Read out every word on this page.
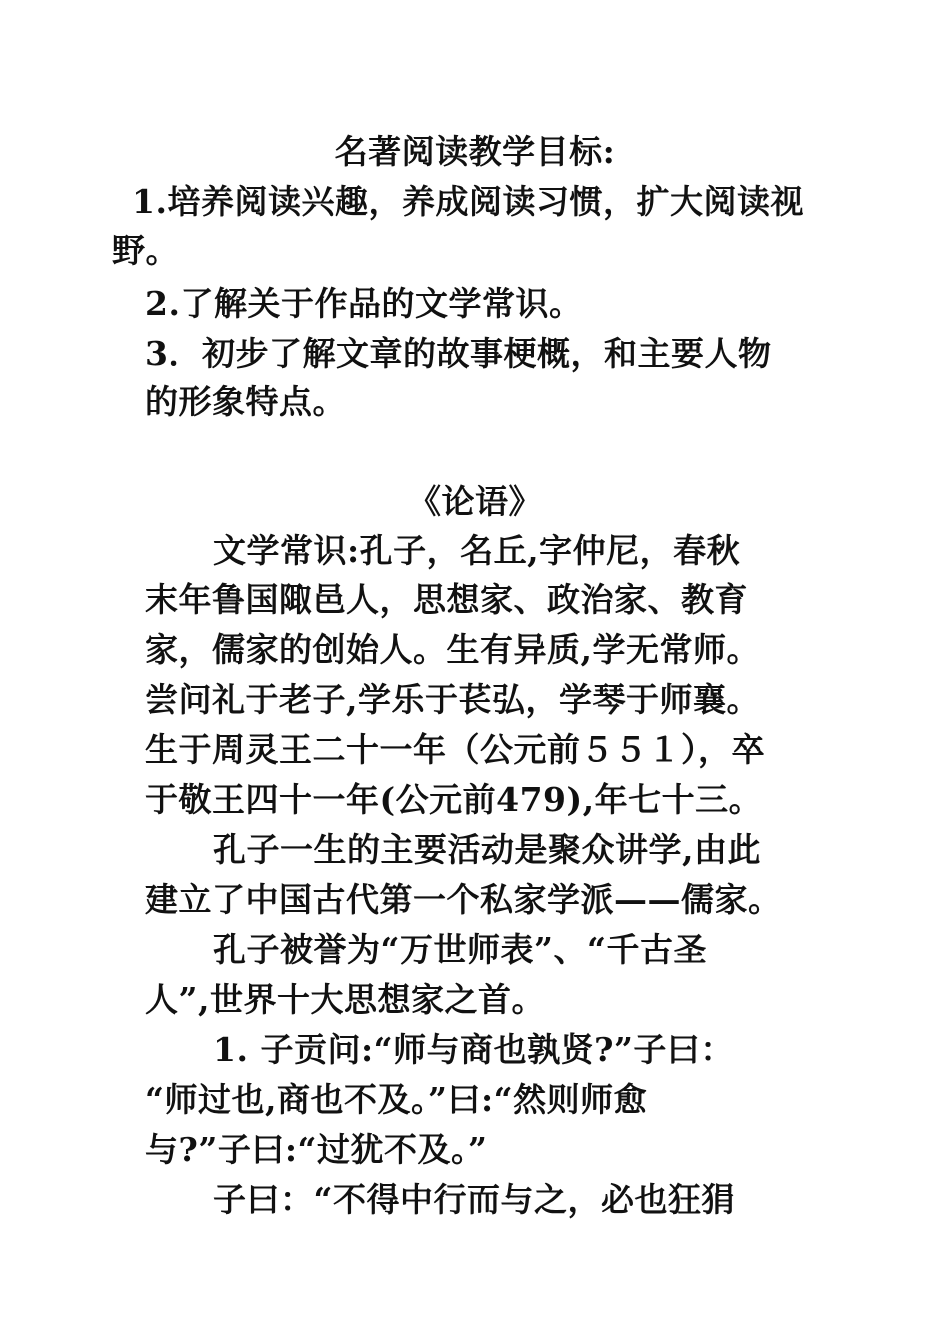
名著阅读教学目标:

1.培养阅读兴趣，养成阅读习惯，扩大阅读视

野。

2.了解关于作品的文学常识。

3．初步了解文章的故事梗概，和主要人物

的形象特点。

《论语》

文学常识:孔子，名丘,字仲尼，春秋

末年鲁国陬邑人，思想家、政治家、教育

家，儒家的创始人。生有异质,学无常师。

尝问礼于老子,学乐于苌弘，学琴于师襄。

生于周灵王二十一年（公元前５５１），卒

于敬王四十一年(公元前479),年七十三。

孔子一生的主要活动是聚众讲学,由此

建立了中国古代第一个私家学派——儒家。

孔子被誉为“万世师表”、“千古圣

人”,世界十大思想家之首。

1. 子贡问:“师与商也孰贤?”子曰：

“师过也,商也不及。”曰:“然则师愈

与?”子曰:“过犹不及。”

子曰：“不得中行而与之，必也狂狷
